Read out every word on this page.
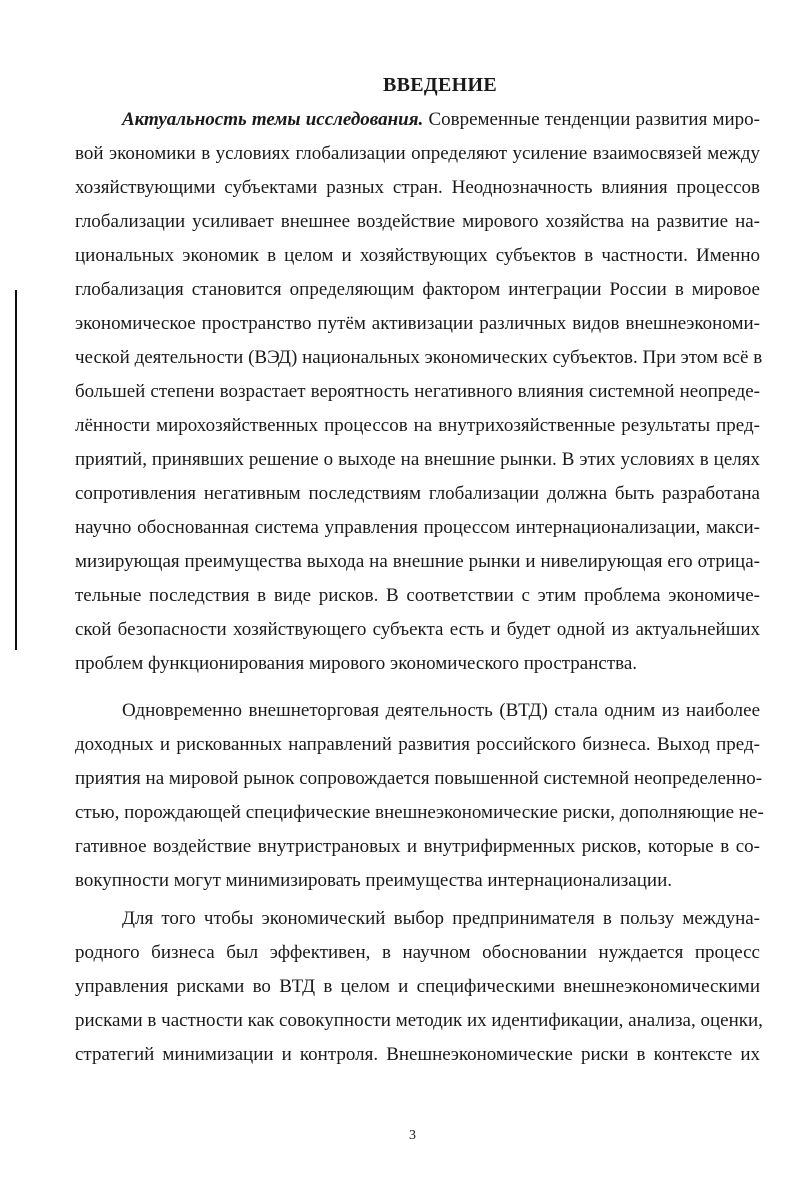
ВВЕДЕНИЕ
Актуальность темы исследования. Современные тенденции развития миро-
вой экономики в условиях глобализации определяют усиление взаимосвязей между
хозяйствующими субъектами разных стран. Неоднозначность влияния процессов
глобализации усиливает внешнее воздействие мирового хозяйства на развитие на-
циональных экономик в целом и хозяйствующих субъектов в частности. Именно
глобализация становится определяющим фактором интеграции России в мировое
экономическое пространство путём активизации различных видов внешнеэкономи-
ческой деятельности (ВЭД) национальных экономических субъектов. При этом всё в
большей степени возрастает вероятность негативного влияния системной неопреде-
лённости мирохозяйственных процессов на внутрихозяйственные результаты пред-
приятий, принявших решение о выходе на внешние рынки. В этих условиях в целях
сопротивления негативным последствиям глобализации должна быть разработана
научно обоснованная система управления процессом интернационализации, макси-
мизирующая преимущества выхода на внешние рынки и нивелирующая его отрица-
тельные последствия в виде рисков. В соответствии с этим проблема экономиче-
ской безопасности хозяйствующего субъекта есть и будет одной из актуальнейших
проблем функционирования мирового экономического пространства.
Одновременно внешнеторговая деятельность (ВТД) стала одним из наиболее
доходных и рискованных направлений развития российского бизнеса. Выход пред-
приятия на мировой рынок сопровождается повышенной системной неопределенно-
стью, порождающей специфические внешнеэкономические риски, дополняющие не-
гативное воздействие внутристрановых и внутрифирменных рисков, которые в со-
вокупности могут минимизировать преимущества интернационализации.
Для того чтобы экономический выбор предпринимателя в пользу междуна-
родного бизнеса был эффективен, в научном обосновании нуждается процесс
управления рисками во ВТД в целом и специфическими внешнеэкономическими
рисками в частности как совокупности методик их идентификации, анализа, оценки,
стратегий минимизации и контроля. Внешнеэкономические риски в контексте их
3
